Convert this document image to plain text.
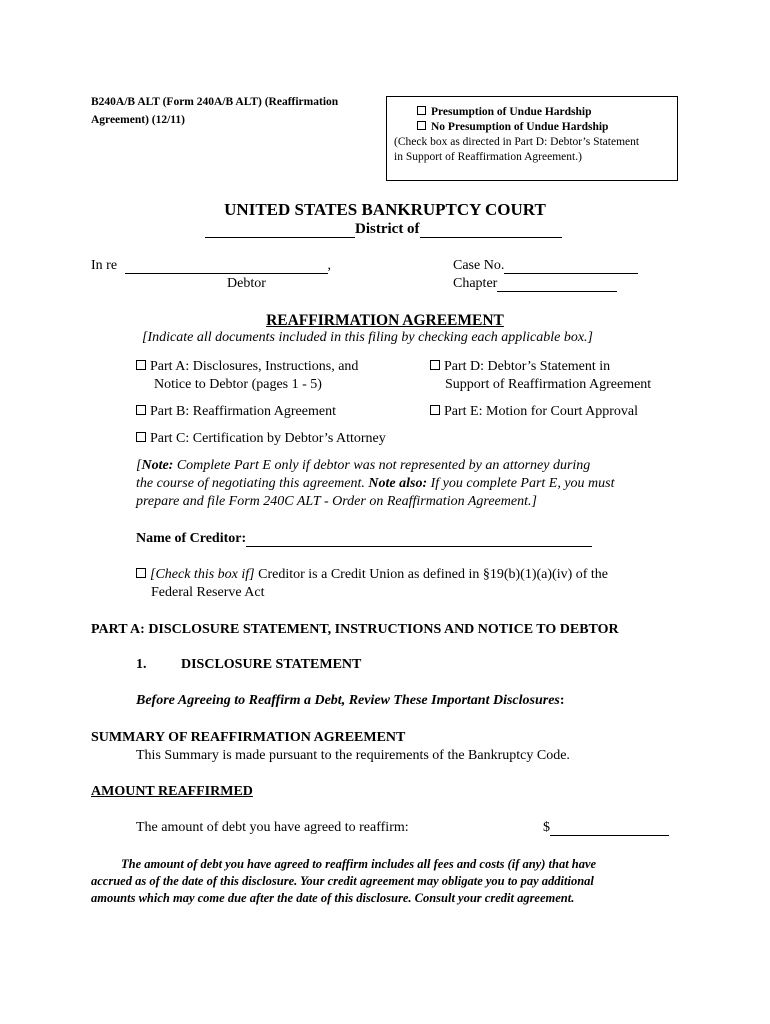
B240A/B ALT (Form 240A/B ALT) (Reaffirmation
Agreement) (12/11)
Presumption of Undue Hardship
No Presumption of Undue Hardship
(Check box as directed in Part D: Debtor’s Statement
in Support of Reaffirmation Agreement.)
UNITED STATES BANKRUPTCY COURT
District of
In re	,
Debtor
Case No.
Chapter
REAFFIRMATION AGREEMENT
[Indicate all documents included in this filing by checking each applicable box.]
Part A: Disclosures, Instructions, and
Notice to Debtor (pages 1 - 5)
Part D: Debtor’s Statement in
Support of Reaffirmation Agreement
Part B: Reaffirmation Agreement	Part E: Motion for Court Approval
Part C: Certification by Debtor’s Attorney
[Note: Complete Part E only if debtor was not represented by an attorney during
the course of negotiating this agreement. Note also: If you complete Part E, you must
prepare and file Form 240C ALT - Order on Reaffirmation Agreement.]
Name of Creditor:
[Check this box if] Creditor is a Credit Union as defined in §19(b)(1)(a)(iv) of the
Federal Reserve Act
PART A: DISCLOSURE STATEMENT, INSTRUCTIONS AND NOTICE TO DEBTOR
1. DISCLOSURE STATEMENT
Before Agreeing to Reaffirm a Debt, Review These Important Disclosures:
SUMMARY OF REAFFIRMATION AGREEMENT
This Summary is made pursuant to the requirements of the Bankruptcy Code.
AMOUNT REAFFIRMED
The amount of debt you have agreed to reaffirm:	$
The amount of debt you have agreed to reaffirm includes all fees and costs (if any) that have
accrued as of the date of this disclosure. Your credit agreement may obligate you to pay additional
amounts which may come due after the date of this disclosure. Consult your credit agreement.
